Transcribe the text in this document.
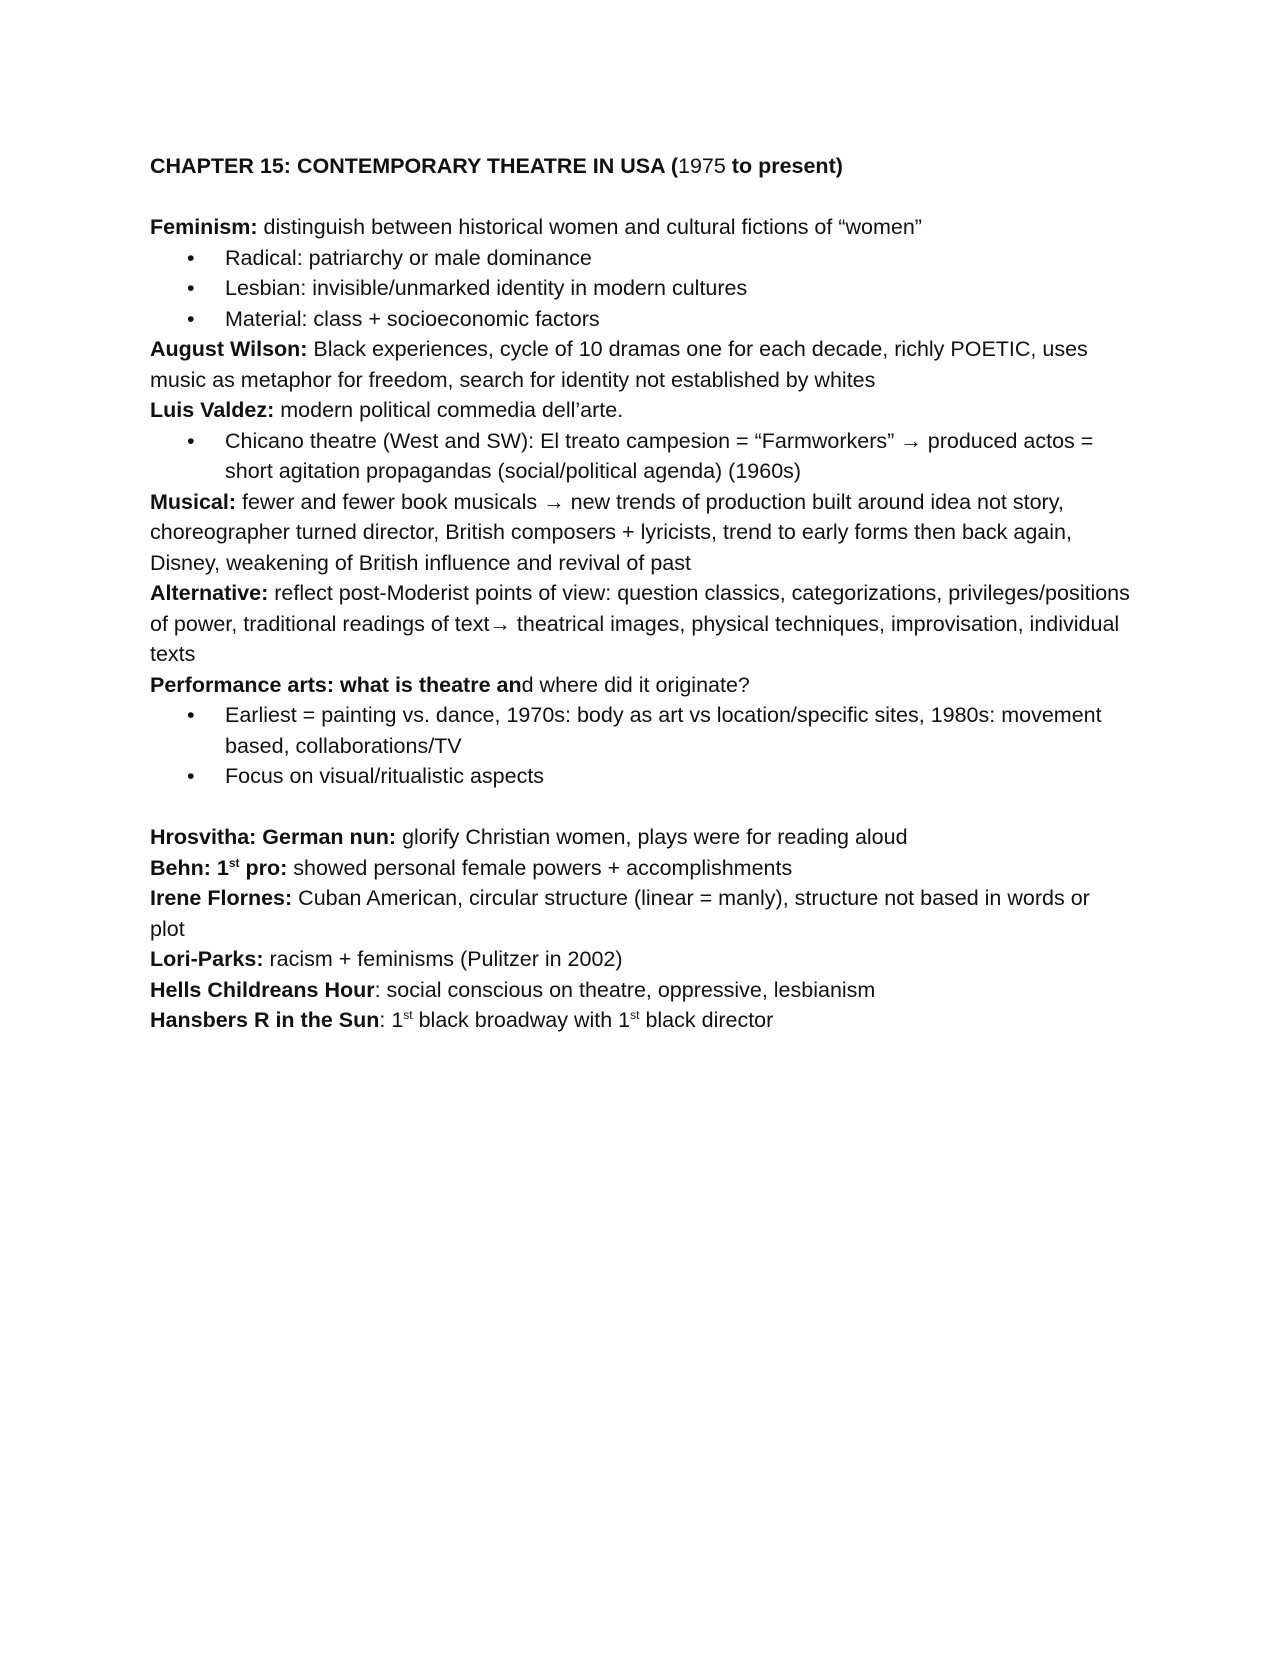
CHAPTER 15: CONTEMPORARY THEATRE IN USA (1975 to present)

Feminism: distinguish between historical women and cultural fictions of “women”

•	Radical: patriarchy or male dominance
•	Lesbian: invisible/unmarked identity in modern cultures
•	Material: class + socioeconomic factors

August Wilson: Black experiences, cycle of 10 dramas one for each decade, richly POETIC, uses music as metaphor for freedom, search for identity not established by whites

Luis Valdez: modern political commedia dell’arte.

•	Chicano theatre (West and SW): El treato campesion = “Farmworkers” → produced actos = short agitation propagandas (social/political agenda) (1960s)

Musical: fewer and fewer book musicals → new trends of production built around idea not story, choreographer turned director, British composers + lyricists, trend to early forms then back again, Disney, weakening of British influence and revival of past

Alternative: reflect post-Moderist points of view: question classics, categorizations, privileges/positions of power, traditional readings of text→ theatrical images, physical techniques, improvisation, individual texts

Performance arts: what is theatre and where did it originate?

•	Earliest = painting vs. dance, 1970s: body as art vs location/specific sites, 1980s: movement based, collaborations/TV
•	Focus on visual/ritualistic aspects

Hrosvitha: German nun: glorify Christian women, plays were for reading aloud

Behn: 1st pro: showed personal female powers + accomplishments

Irene Flornes: Cuban American, circular structure (linear = manly), structure not based in words or plot

Lori-Parks: racism + feminisms (Pulitzer in 2002)

Hells Childreans Hour: social conscious on theatre, oppressive, lesbianism

Hansbers R in the Sun: 1st black broadway with 1st black director
